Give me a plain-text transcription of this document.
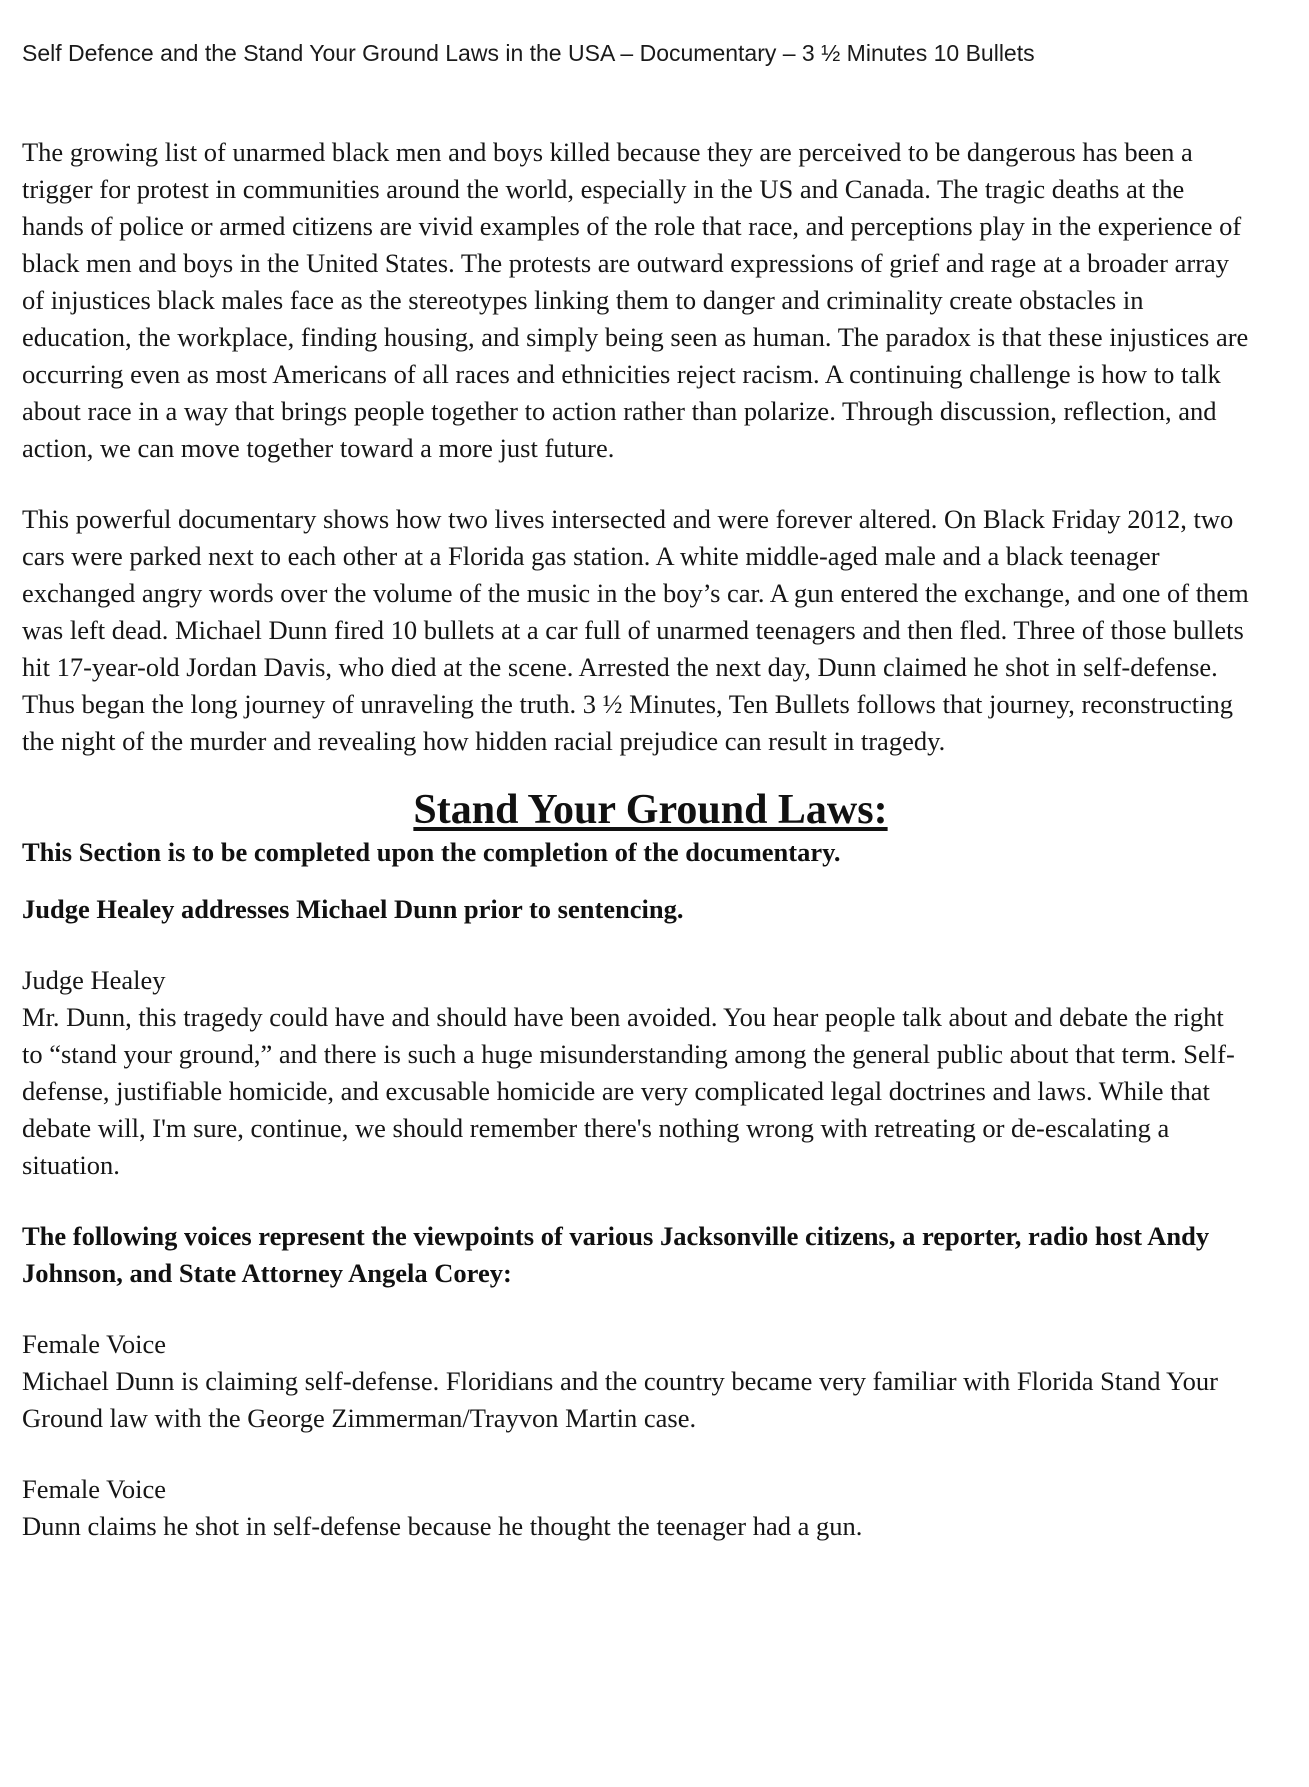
Self Defence and the Stand Your Ground Laws in the USA – Documentary – 3 ½ Minutes 10 Bullets

The growing list of unarmed black men and boys killed because they are perceived to be dangerous has been a trigger for protest in communities around the world, especially in the US and Canada. The tragic deaths at the hands of police or armed citizens are vivid examples of the role that race, and perceptions play in the experience of black men and boys in the United States. The protests are outward expressions of grief and rage at a broader array of injustices black males face as the stereotypes linking them to danger and criminality create obstacles in education, the workplace, finding housing, and simply being seen as human. The paradox is that these injustices are occurring even as most Americans of all races and ethnicities reject racism. A continuing challenge is how to talk about race in a way that brings people together to action rather than polarize. Through discussion, reflection, and action, we can move together toward a more just future.

This powerful documentary shows how two lives intersected and were forever altered. On Black Friday 2012, two cars were parked next to each other at a Florida gas station. A white middle-aged male and a black teenager exchanged angry words over the volume of the music in the boy’s car. A gun entered the exchange, and one of them was left dead. Michael Dunn fired 10 bullets at a car full of unarmed teenagers and then fled. Three of those bullets hit 17-year-old Jordan Davis, who died at the scene. Arrested the next day, Dunn claimed he shot in self-defense. Thus began the long journey of unraveling the truth. 3 ½ Minutes, Ten Bullets follows that journey, reconstructing the night of the murder and revealing how hidden racial prejudice can result in tragedy.

Stand Your Ground Laws:

This Section is to be completed upon the completion of the documentary.

Judge Healey addresses Michael Dunn prior to sentencing.

Judge Healey
Mr. Dunn, this tragedy could have and should have been avoided. You hear people talk about and debate the right to “stand your ground,” and there is such a huge misunderstanding among the general public about that term. Self-defense, justifiable homicide, and excusable homicide are very complicated legal doctrines and laws. While that debate will, I'm sure, continue, we should remember there's nothing wrong with retreating or de-escalating a situation.

The following voices represent the viewpoints of various Jacksonville citizens, a reporter, radio host Andy Johnson, and State Attorney Angela Corey:

Female Voice
Michael Dunn is claiming self-defense. Floridians and the country became very familiar with Florida Stand Your Ground law with the George Zimmerman/Trayvon Martin case.
Female Voice
Dunn claims he shot in self-defense because he thought the teenager had a gun.
